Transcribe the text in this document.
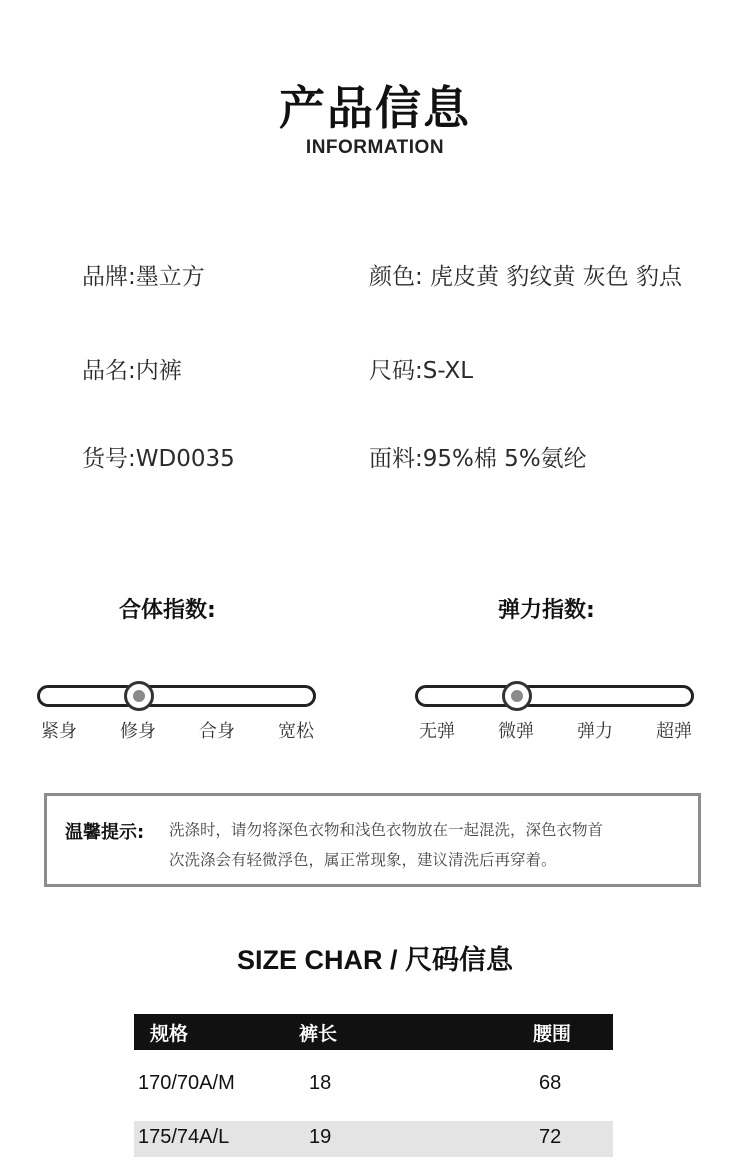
产品信息
INFORMATION
品牌:墨立方	颜色: 虎皮黄 豹纹黄 灰色 豹点
品名:内裤	尺码:S-XL
货号:WD0035	面料:95%棉 5%氨纶
合体指数:
紧身 修身 合身 宽松
弹力指数:
无弹 微弹 弹力 超弹
温馨提示: 洗涤时，请勿将深色衣物和浅色衣物放在一起混洗，深色衣物首
次洗涤会有轻微浮色，属正常现象，建议清洗后再穿着。
SIZE CHAR / 尺码信息
规格	裤长	腰围
170/70A/M	18	68
175/74A/L	19	72
